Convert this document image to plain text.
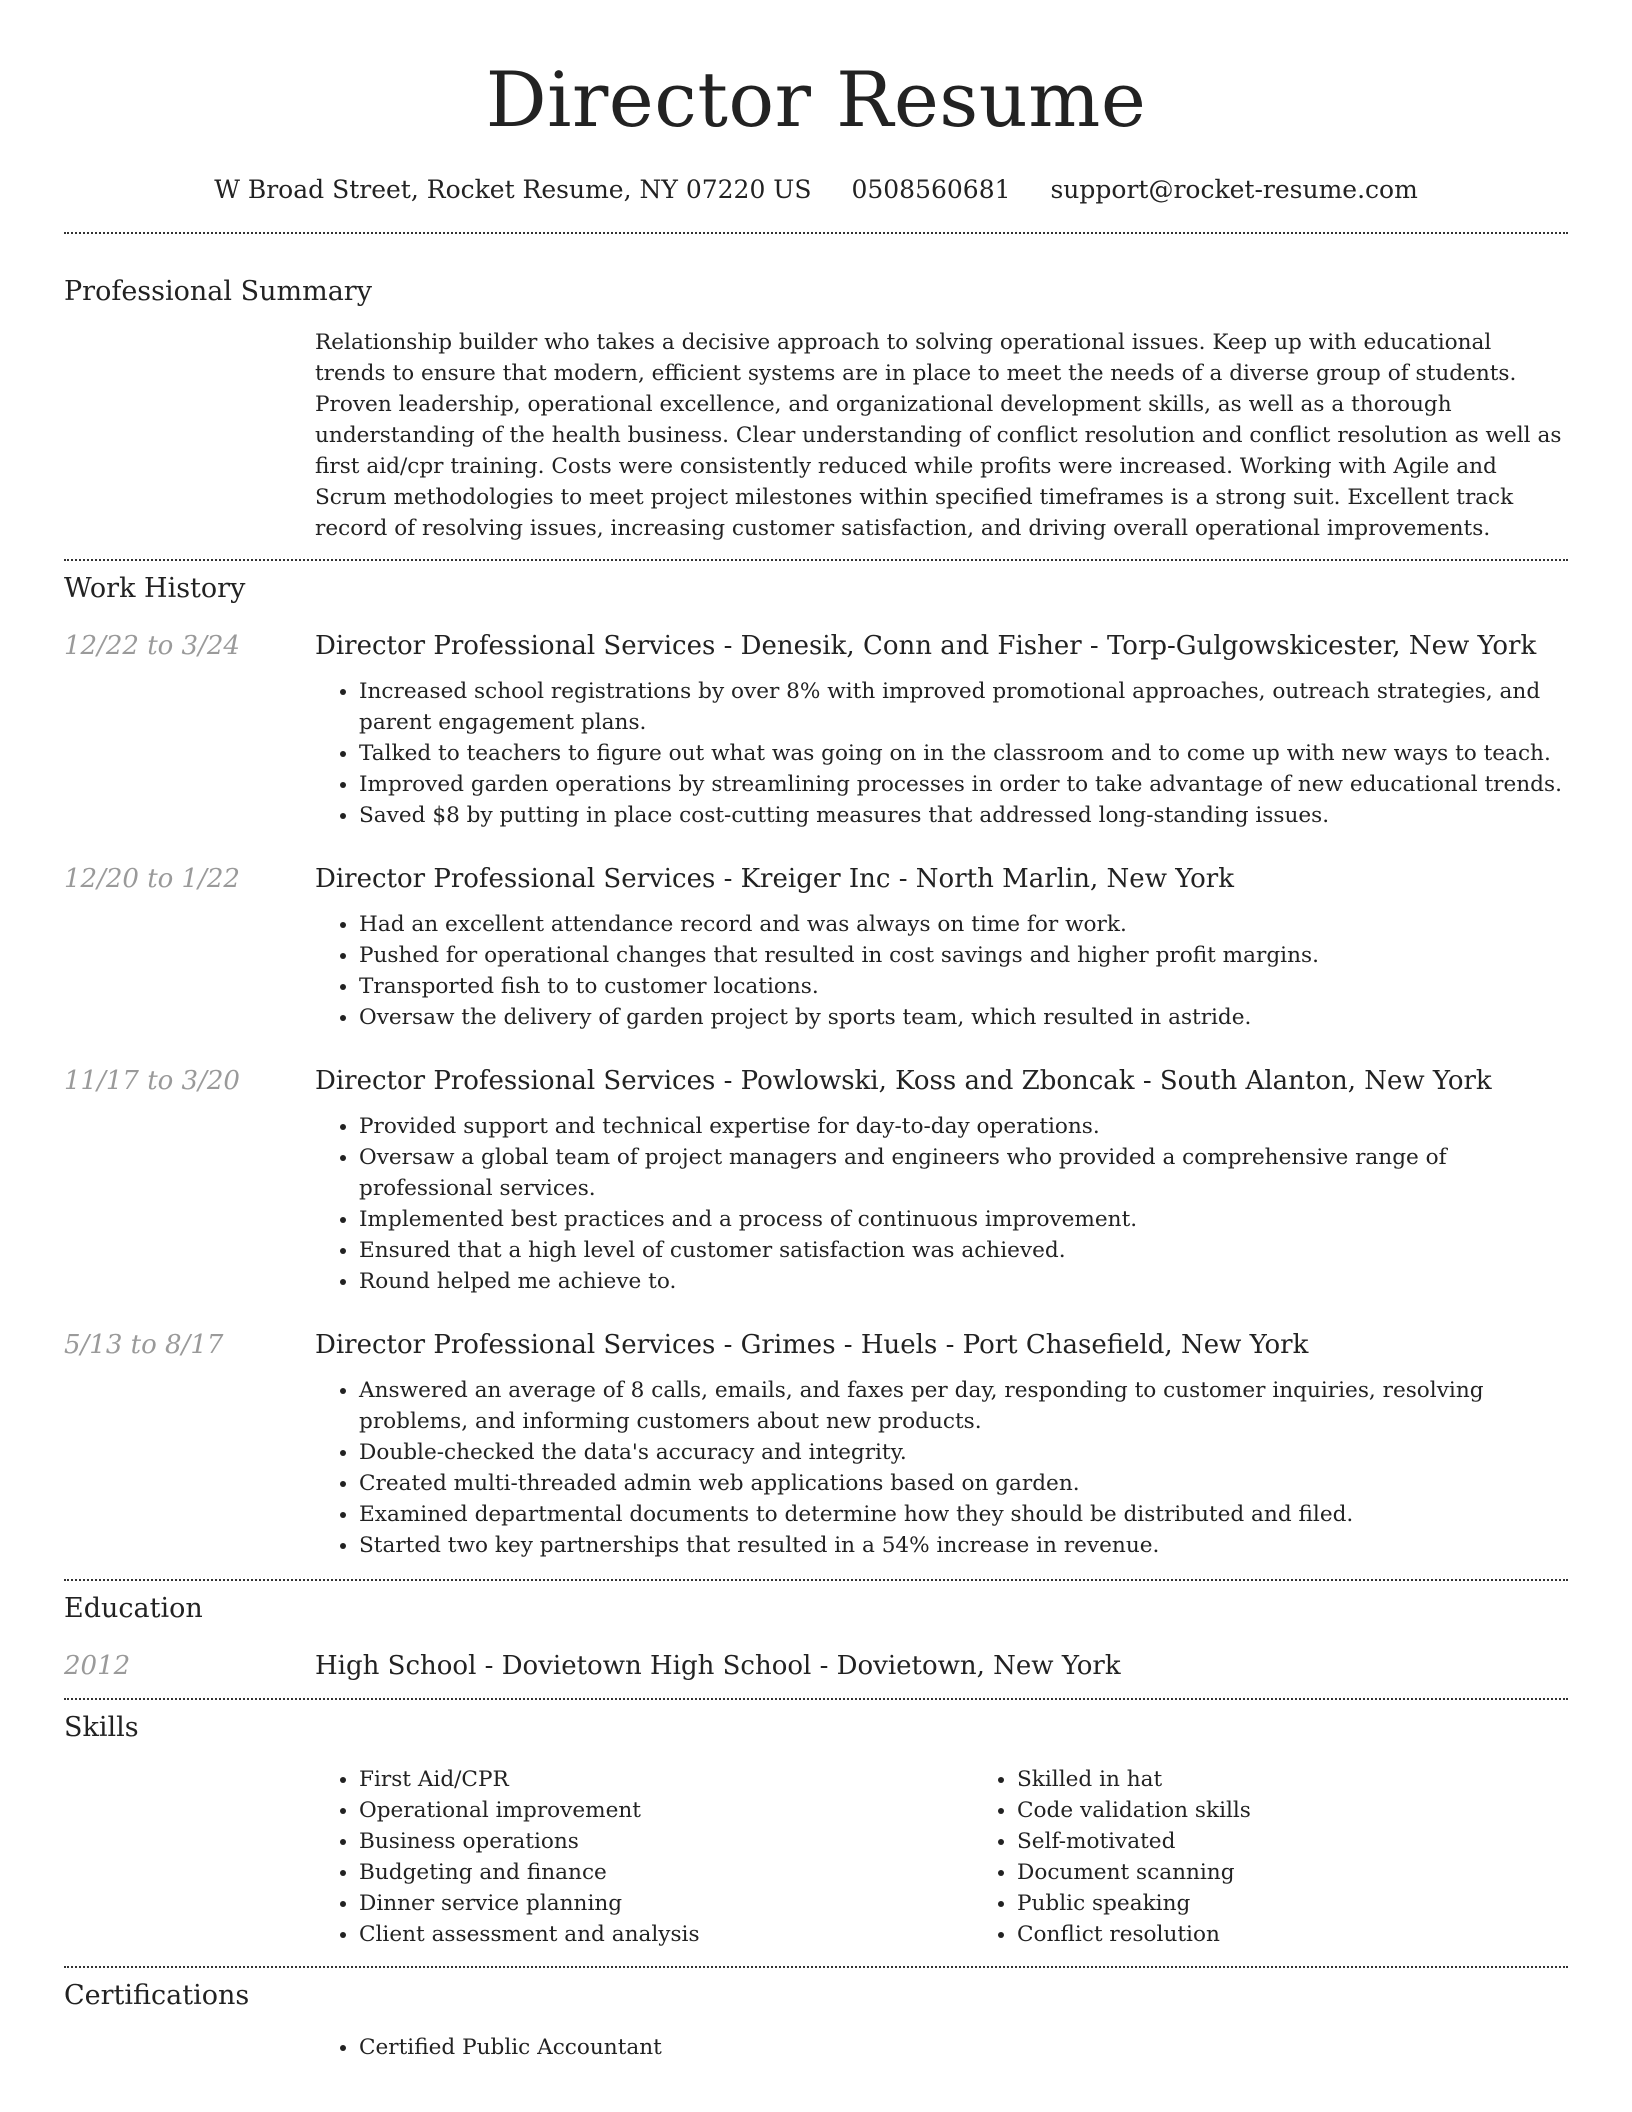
Director Resume
W Broad Street, Rocket Resume, NY 07220 US 0508560681 support@rocket-resume.com
Professional Summary
Relationship builder who takes a decisive approach to solving operational issues. Keep up with educational trends to ensure that modern, efficient systems are in place to meet the needs of a diverse group of students. Proven leadership, operational excellence, and organizational development skills, as well as a thorough understanding of the health business. Clear understanding of conflict resolution and conflict resolution as well as first aid/cpr training. Costs were consistently reduced while profits were increased. Working with Agile and Scrum methodologies to meet project milestones within specified timeframes is a strong suit. Excellent track record of resolving issues, increasing customer satisfaction, and driving overall operational improvements.
Work History
12/22 to 3/24	Director Professional Services - Denesik, Conn and Fisher - Torp-Gulgowskicester, New York
• Increased school registrations by over 8% with improved promotional approaches, outreach strategies, and parent engagement plans.
• Talked to teachers to figure out what was going on in the classroom and to come up with new ways to teach.
• Improved garden operations by streamlining processes in order to take advantage of new educational trends.
• Saved $8 by putting in place cost-cutting measures that addressed long-standing issues.
12/20 to 1/22	Director Professional Services - Kreiger Inc - North Marlin, New York
• Had an excellent attendance record and was always on time for work.
• Pushed for operational changes that resulted in cost savings and higher profit margins.
• Transported fish to to customer locations.
• Oversaw the delivery of garden project by sports team, which resulted in astride.
11/17 to 3/20	Director Professional Services - Powlowski, Koss and Zboncak - South Alanton, New York
• Provided support and technical expertise for day-to-day operations.
• Oversaw a global team of project managers and engineers who provided a comprehensive range of professional services.
• Implemented best practices and a process of continuous improvement.
• Ensured that a high level of customer satisfaction was achieved.
• Round helped me achieve to.
5/13 to 8/17	Director Professional Services - Grimes - Huels - Port Chasefield, New York
• Answered an average of 8 calls, emails, and faxes per day, responding to customer inquiries, resolving problems, and informing customers about new products.
• Double-checked the data's accuracy and integrity.
• Created multi-threaded admin web applications based on garden.
• Examined departmental documents to determine how they should be distributed and filed.
• Started two key partnerships that resulted in a 54% increase in revenue.
Education
2012	High School - Dovietown High School - Dovietown, New York
Skills
• First Aid/CPR
• Operational improvement
• Business operations
• Budgeting and finance
• Dinner service planning
• Client assessment and analysis
• Skilled in hat
• Code validation skills
• Self-motivated
• Document scanning
• Public speaking
• Conflict resolution
Certifications
• Certified Public Accountant
